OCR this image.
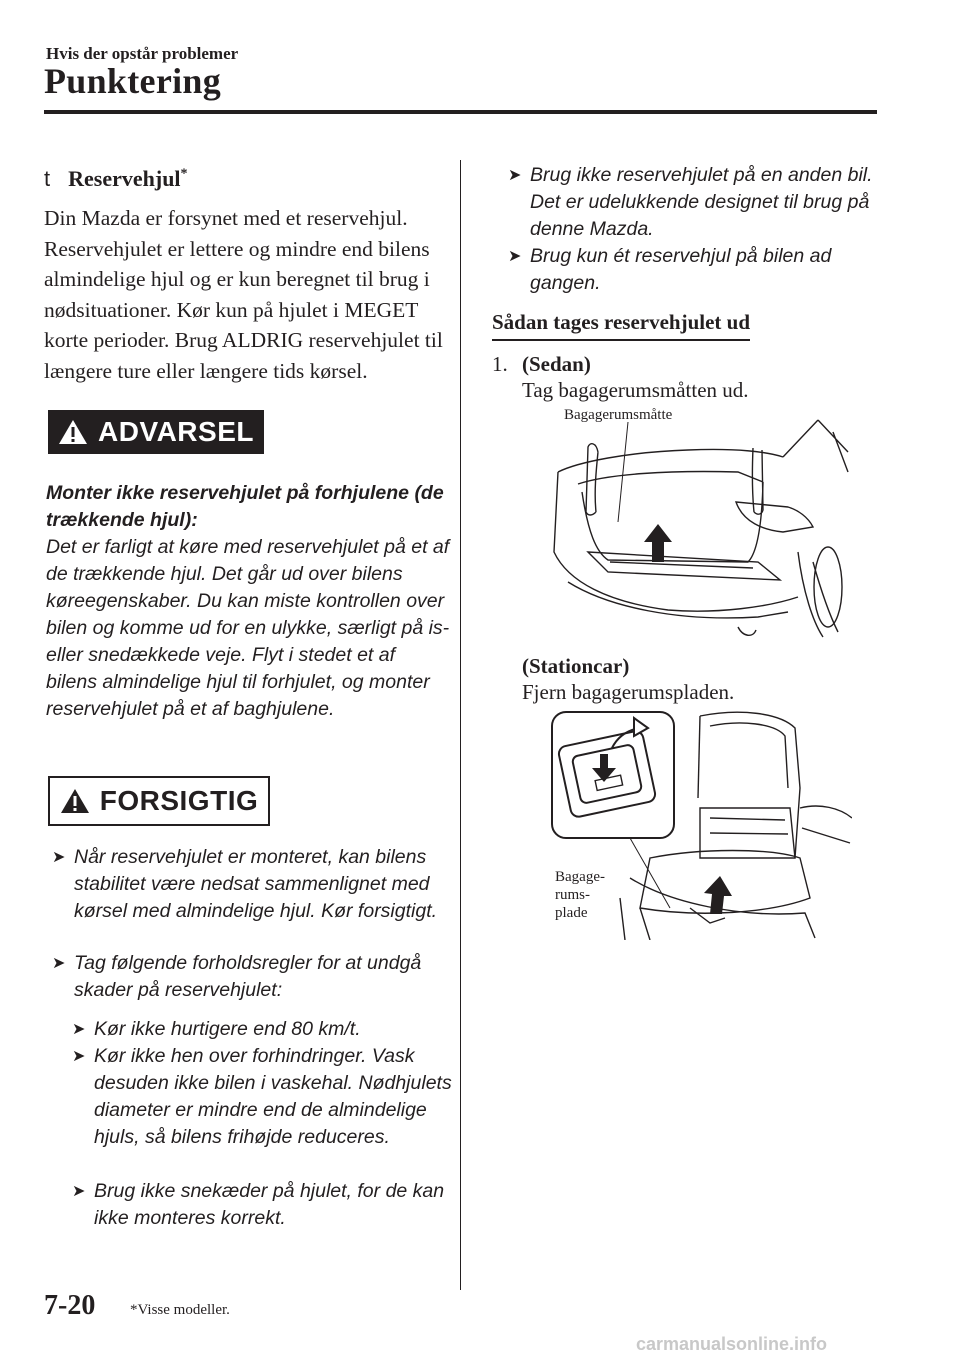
Hvis der opstår problemer
Punktering
t Reservehjul*
Din Mazda er forsynet med et reservehjul. Reservehjulet er lettere og mindre end bilens almindelige hjul og er kun beregnet til brug i nødsituationer. Kør kun på hjulet i MEGET korte perioder. Brug ALDRIG reservehjulet til længere ture eller længere tids kørsel.
ADVARSEL
Monter ikke reservehjulet på forhjulene (de trækkende hjul):
Det er farligt at køre med reservehjulet på et af de trækkende hjul. Det går ud over bilens køreegenskaber. Du kan miste kontrollen over bilen og komme ud for en ulykke, særligt på is- eller snedækkede veje. Flyt i stedet et af bilens almindelige hjul til forhjulet, og monter reservehjulet på et af baghjulene.
FORSIGTIG
➤ Når reservehjulet er monteret, kan bilens stabilitet være nedsat sammenlignet med kørsel med almindelige hjul. Kør forsigtigt.
➤ Tag følgende forholdsregler for at undgå skader på reservehjulet:
➤ Kør ikke hurtigere end 80 km/t.
➤ Kør ikke hen over forhindringer. Vask desuden ikke bilen i vaskehal. Nødhjulets diameter er mindre end de almindelige hjuls, så bilens frihøjde reduceres.
➤ Brug ikke snekæder på hjulet, for de kan ikke monteres korrekt.
➤ Brug ikke reservehjulet på en anden bil. Det er udelukkende designet til brug på denne Mazda.
➤ Brug kun ét reservehjul på bilen ad gangen.
Sådan tages reservehjulet ud
1. (Sedan)
Tag bagagerumsmåtten ud.
Bagagerumsmåtte
(Stationcar)
Fjern bagagerumspladen.
Bagage-
rums-
plade
7-20 *Visse modeller.
carmanualsonline.info
